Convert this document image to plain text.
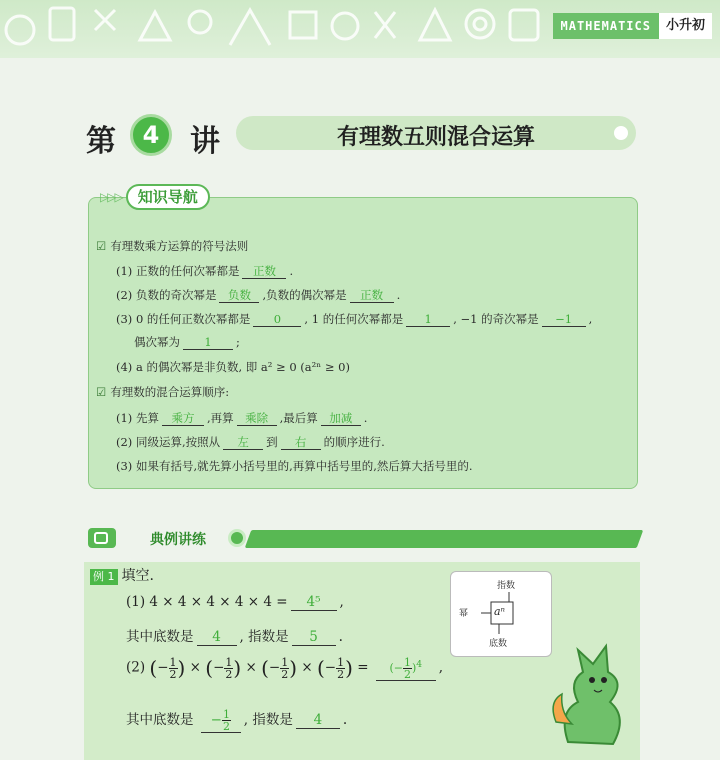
MATHEMATICS	小升初
第	4	讲	有理数五则混合运算
▷▷▷	知识导航
☑ 有理数乘方运算的符号法则
(1) 正数的任何次幂都是 正数 .
(2) 负数的奇次幂是 负数 ,负数的偶次幂是 正数 .
(3) 0 的任何正数次幂都是 0 , 1 的任何次幂都是 1 , −1 的奇次幂是 −1 ,
偶次幂为 1 ;
(4) a 的偶次幂是非负数, 即 a² ≥ 0 (a²ⁿ ≥ 0)
☑ 有理数的混合运算顺序:
(1) 先算 乘方 ,再算 乘除 ,最后算 加减 .
(2) 同级运算,按照从 左 到 右 的顺序进行.
(3) 如果有括号,就先算小括号里的,再算中括号里的,然后算大括号里的.
典例讲练
例 1 填空.
(1) 4 × 4 × 4 × 4 × 4 = 4⁵ ,
其中底数是 4 , 指数是 5 .
(2) (− $\frac{1}{2}$ ) × (− $\frac{1}{2}$ ) × (− $\frac{1}{2}$ ) × (− $\frac{1}{2}$ ) = (− $\frac{1}{2} )^4$ ,
其中底数是 − $\frac{1}{2}$ , 指数是 4 .
指数
幂 aⁿ
底数
